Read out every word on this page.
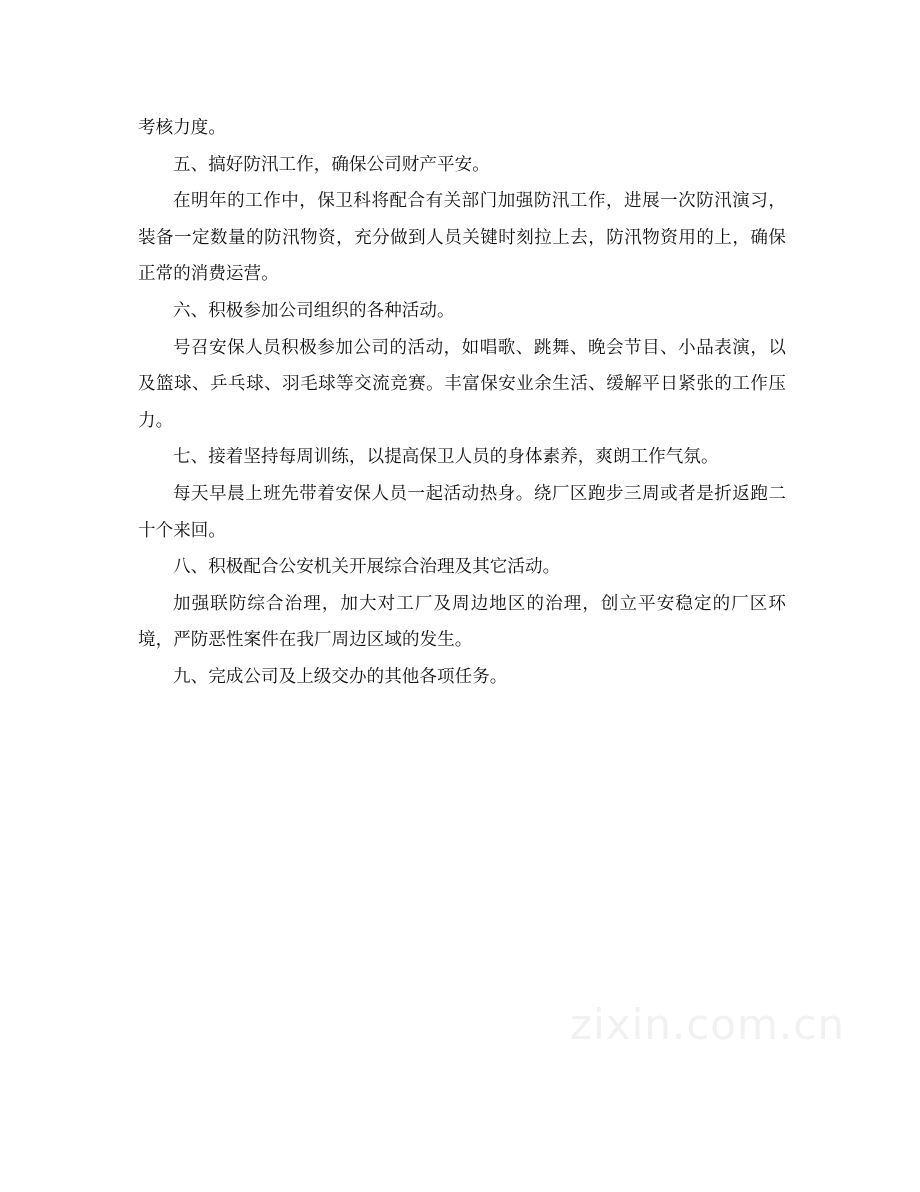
考核力度。

五、搞好防汛工作，确保公司财产平安。

在明年的工作中，保卫科将配合有关部门加强防汛工作，进展一次防汛演习，装备一定数量的防汛物资，充分做到人员关键时刻拉上去，防汛物资用的上，确保正常的消费运营。

六、积极参加公司组织的各种活动。

号召安保人员积极参加公司的活动，如唱歌、跳舞、晚会节目、小品表演，以及篮球、乒乓球、羽毛球等交流竞赛。丰富保安业余生活、缓解平日紧张的工作压力。

七、接着坚持每周训练，以提高保卫人员的身体素养，爽朗工作气氛。

每天早晨上班先带着安保人员一起活动热身。绕厂区跑步三周或者是折返跑二十个来回。

八、积极配合公安机关开展综合治理及其它活动。

加强联防综合治理，加大对工厂及周边地区的治理，创立平安稳定的厂区环境，严防恶性案件在我厂周边区域的发生。

九、完成公司及上级交办的其他各项任务。

zixin.com.cn
